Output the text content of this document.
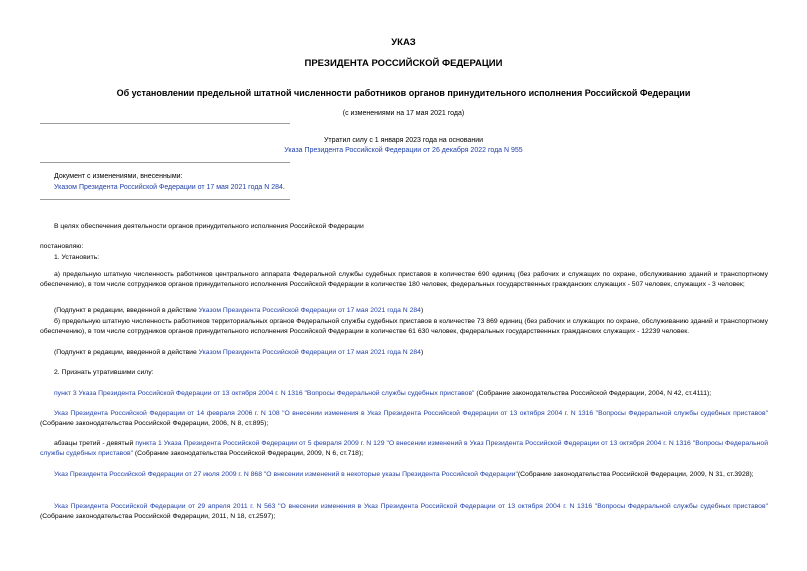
УКАЗ
ПРЕЗИДЕНТА РОССИЙСКОЙ ФЕДЕРАЦИИ
Об установлении предельной штатной численности работников органов принудительного исполнения Российской Федерации
(с изменениями на 17 мая 2021 года)
Утратил силу с 1 января 2023 года на основании
Указа Президента Российской Федерации от 26 декабря 2022 года N 955
Документ с изменениями, внесенными:
Указом Президента Российской Федерации от 17 мая 2021 года N 284.
В целях обеспечения деятельности органов принудительного исполнения Российской Федерации
постановляю:
1. Установить:
а) предельную штатную численность работников центрального аппарата Федеральной службы судебных приставов в количестве 690 единиц (без рабочих и служащих по охране, обслуживанию зданий и транспортному обеспечению), в том числе сотрудников органов принудительного исполнения Российской Федерации в количестве 180 человек, федеральных государственных гражданских служащих - 507 человек, служащих - 3 человек;
(Подпункт в редакции, введенной в действие Указом Президента Российской Федерации от 17 мая 2021 года N 284)
б) предельную штатную численность работников территориальных органов Федеральной службы судебных приставов в количестве 73 869 единиц (без рабочих и служащих по охране, обслуживанию зданий и транспортному обеспечению), в том числе сотрудников органов принудительного исполнения Российской Федерации в количестве 61 630 человек, федеральных государственных гражданских служащих - 12239 человек.
(Подпункт в редакции, введенной в действие Указом Президента Российской Федерации от 17 мая 2021 года N 284)
2. Признать утратившими силу:
пункт 3 Указа Президента Российской Федерации от 13 октября 2004 г. N 1316 "Вопросы Федеральной службы судебных приставов" (Собрание законодательства Российской Федерации, 2004, N 42, ст.4111);
Указ Президента Российской Федерации от 14 февраля 2006 г. N 108 "О внесении изменения в Указ Президента Российской Федерации от 13 октября 2004 г. N 1316 "Вопросы Федеральной службы судебных приставов" (Собрание законодательства Российской Федерации, 2006, N 8, ст.895);
абзацы третий - девятый пункта 1 Указа Президента Российской Федерации от 5 февраля 2009 г. N 129 "О внесении изменений в Указ Президента Российской Федерации от 13 октября 2004 г. N 1316 "Вопросы Федеральной службы судебных приставов" (Собрание законодательства Российской Федерации, 2009, N 6, ст.718);
Указ Президента Российской Федерации от 27 июля 2009 г. N 868 "О внесении изменений в некоторые указы Президента Российской Федерации"(Собрание законодательства Российской Федерации, 2009, N 31, ст.3928);
Указ Президента Российской Федерации от 29 апреля 2011 г. N 563 "О внесении изменения в Указ Президента Российской Федерации от 13 октября 2004 г. N 1316 "Вопросы Федеральной службы судебных приставов" (Собрание законодательства Российской Федерации, 2011, N 18, ст.2597);
